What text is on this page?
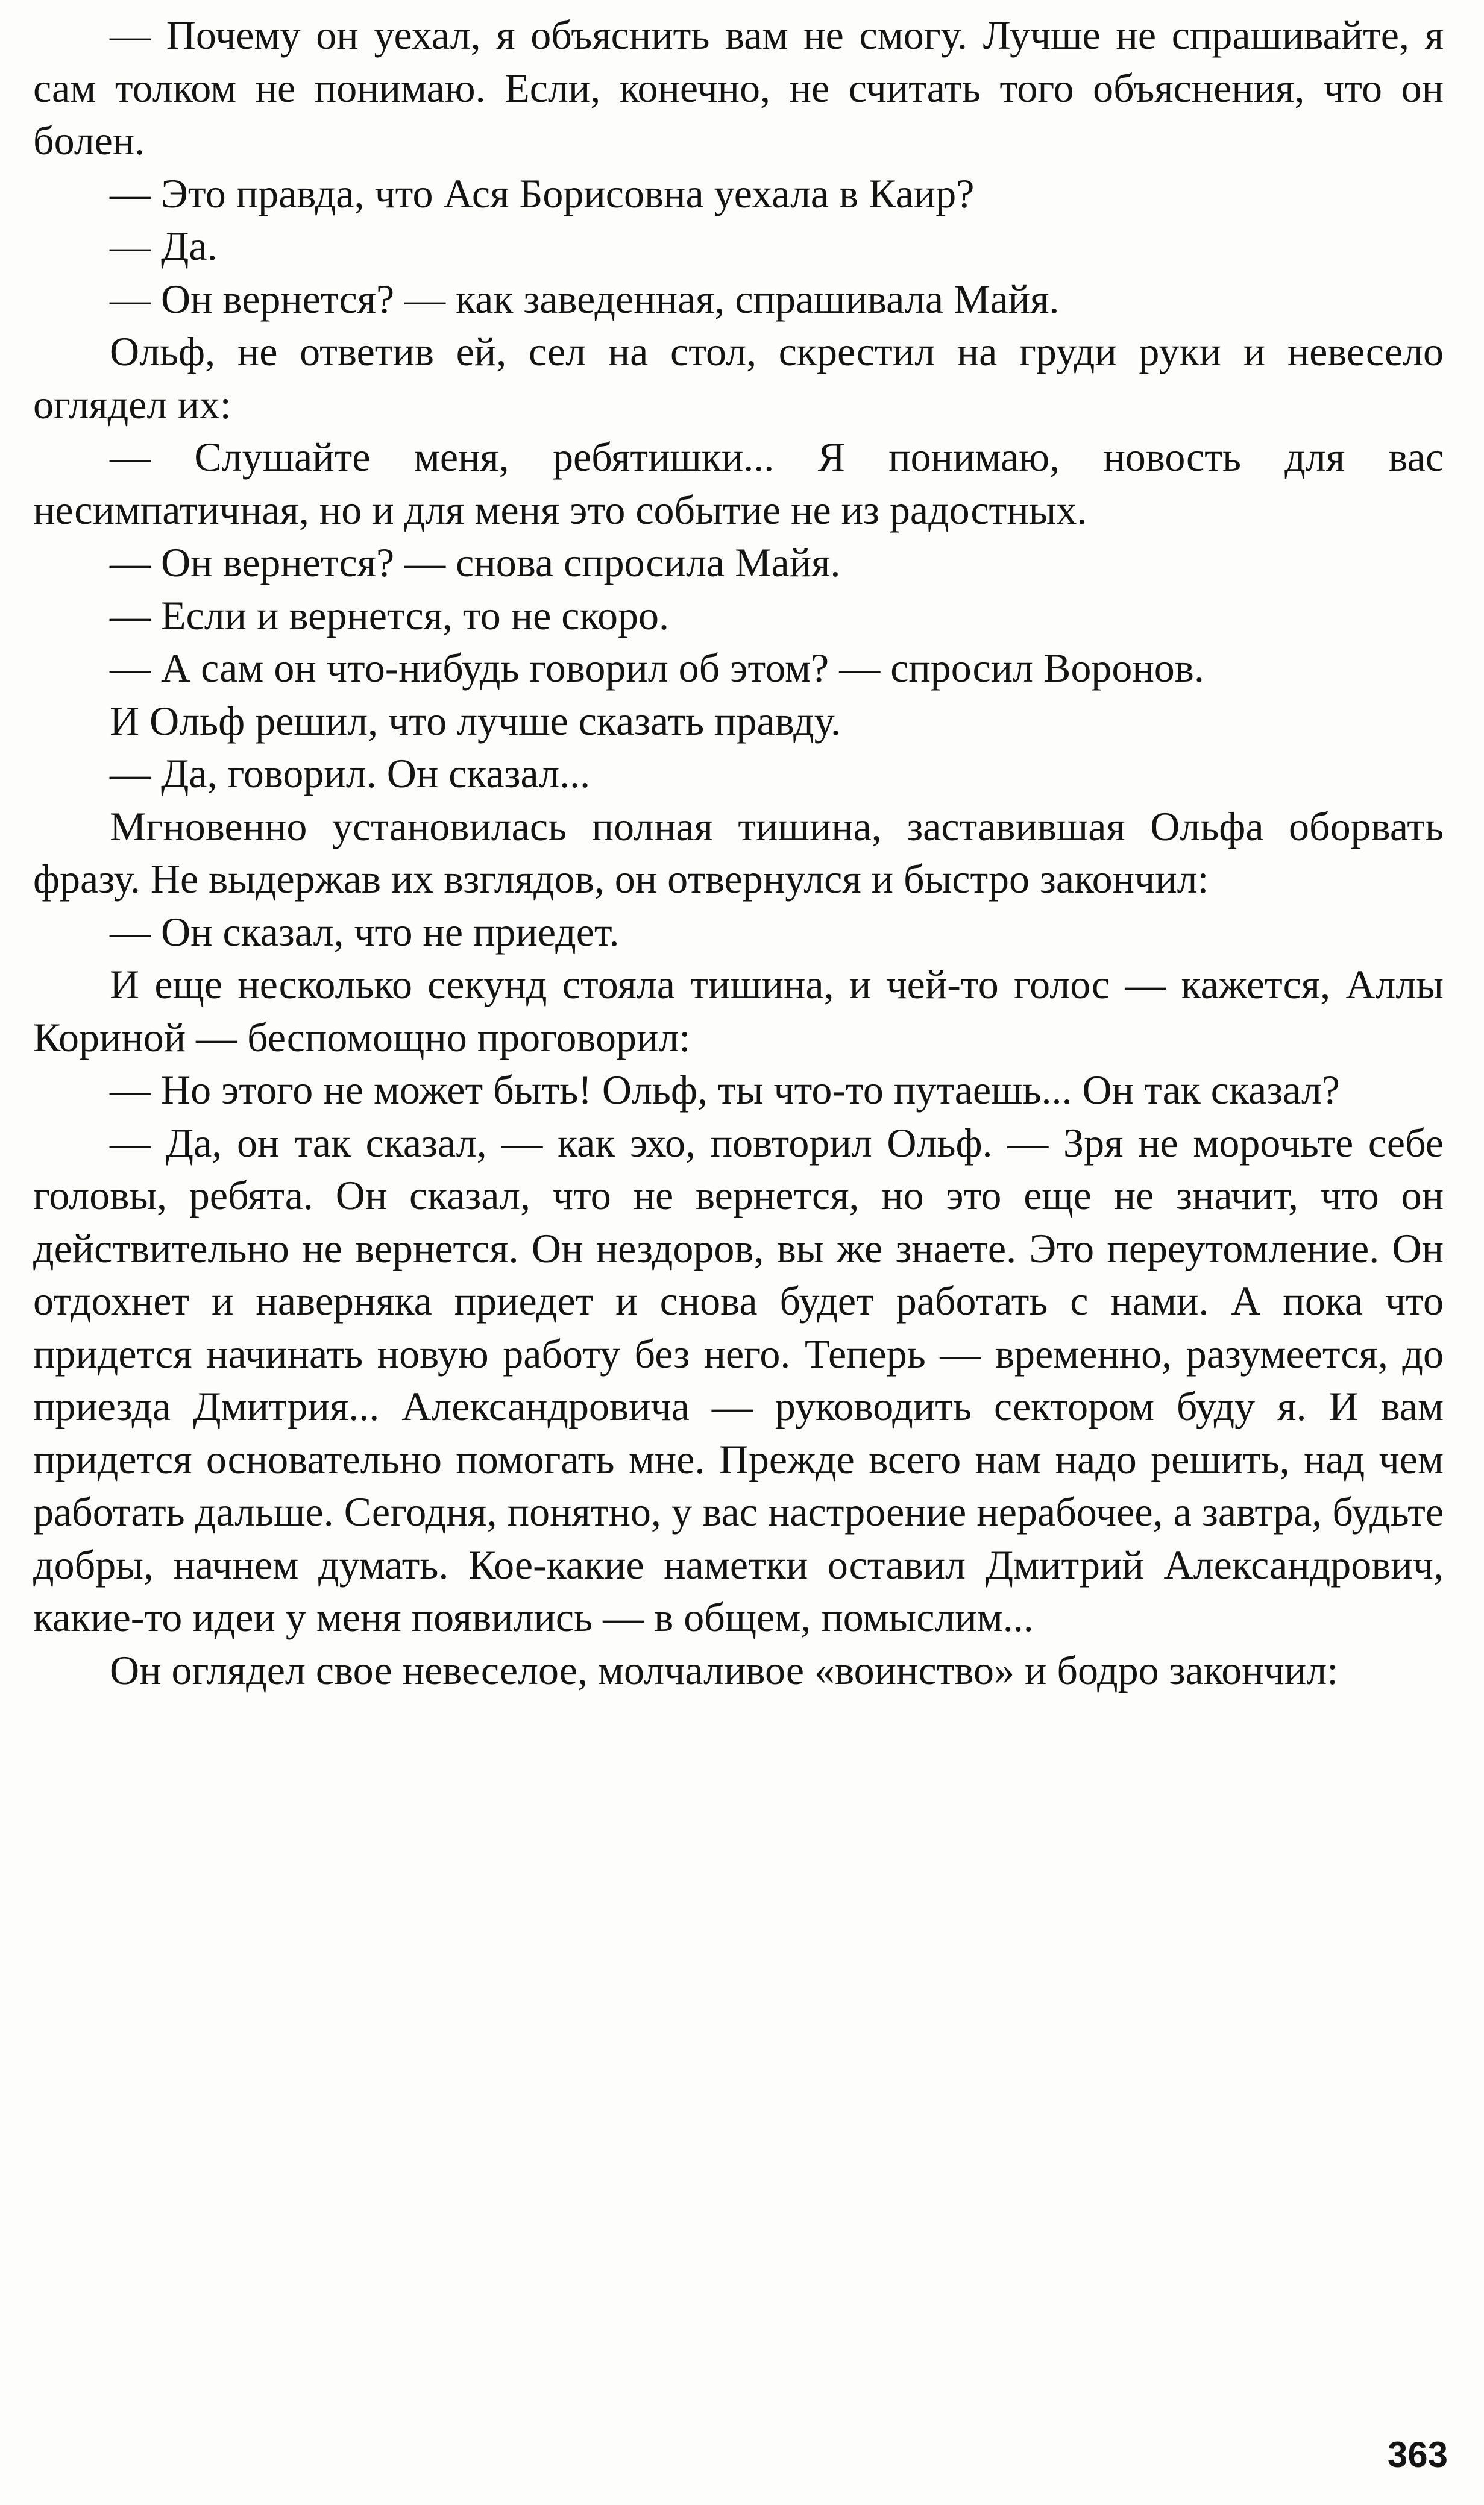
— Почему он уехал, я объяснить вам не смогу. Лучше не спрашивайте, я сам толком не понимаю. Если, конечно, не считать того объяснения, что он болен.

— Это правда, что Ася Борисовна уехала в Каир?

— Да.

— Он вернется? — как заведенная, спрашивала Майя.

Ольф, не ответив ей, сел на стол, скрестил на груди руки и невесело оглядел их:

— Слушайте меня, ребятишки... Я понимаю, новость для вас несимпатичная, но и для меня это событие не из радостных.

— Он вернется? — снова спросила Майя.

— Если и вернется, то не скоро.

— А сам он что-нибудь говорил об этом? — спросил Воронов.

И Ольф решил, что лучше сказать правду.

— Да, говорил. Он сказал...

Мгновенно установилась полная тишина, заставившая Ольфа оборвать фразу. Не выдержав их взглядов, он отвернулся и быстро закончил:

— Он сказал, что не приедет.

И еще несколько секунд стояла тишина, и чей-то голос — кажется, Аллы Кориной — беспомощно проговорил:

— Но этого не может быть! Ольф, ты что-то путаешь... Он так сказал?

— Да, он так сказал, — как эхо, повторил Ольф. — Зря не морочьте себе головы, ребята. Он сказал, что не вернется, но это еще не значит, что он действительно не вернется. Он нездоров, вы же знаете. Это переутомление. Он отдохнет и наверняка приедет и снова будет работать с нами. А пока что придется начинать новую работу без него. Теперь — временно, разумеется, до приезда Дмитрия... Александровича — руководить сектором буду я. И вам придется основательно помогать мне. Прежде всего нам надо решить, над чем работать дальше. Сегодня, понятно, у вас настроение нерабочее, а завтра, будьте добры, начнем думать. Кое-какие наметки оставил Дмитрий Александрович, какие-то идеи у меня появились — в общем, помыслим...

Он оглядел свое невеселое, молчаливое «воинство» и бодро закончил:

363
